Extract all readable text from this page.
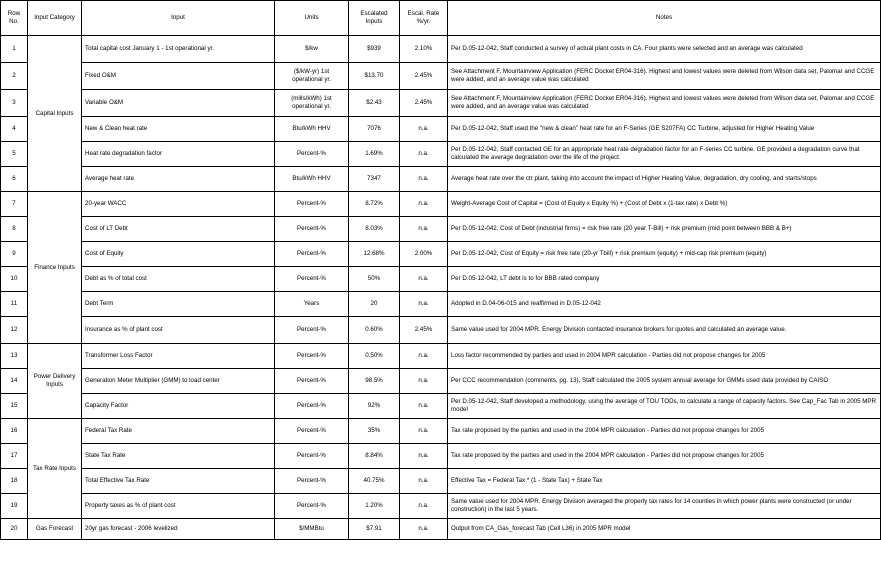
Row No.	Input Category	Input	Units	Escalated Inputs	Escal. Rate %/yr.	Notes
1	Capital Inputs	Total capital cost January 1 - 1st operational yr.	$/kw	$939	2.10%	Per D.05-12-042, Staff conducted a survey of actual plant costs in CA. Four plants were selected and an average was calculated
2		Fixed O&M	($/kW-yr) 1st operational yr.	$13.70	2.45%	See Attachment F, Mountainview Application (FERC Docket ER04-316). Highest and lowest values were deleted from Wilson data set, Palomar and CCGE were added, and an average value was calculated
3		Variable O&M	(mills/kWh) 1st operational yr.	$2.43	2.45%	See Attachment F, Mountainview Application (FERC Docket ER04-316). Highest and lowest values were deleted from Wilson data set, Palomar and CCGE were added, and an average value was calculated
4		New & Clean heat rate	Btu/kWh HHV	7076	n.a.	Per D.05-12-042, Staff used the "new & clean" heat rate for an F-Series (GE S207FA) CC Turbine, adjusted for Higher Heating Value
5		Heat rate degradation factor	Percent-%	1.69%	n.a.	Per D.05-12-042, Staff contacted GE for an appropriate heat rate degradation factor for an F-series CC turbine. GE provided a degradation curve that calculated the average degradation over the life of the project.
6		Average heat rate	Btu/kWh HHV	7347	n.a.	Average heat rate over the ctr plant, taking into account the impact of Higher Heating Value, degradation, dry cooling, and starts/stops
7	Finance Inputs	20-year WACC	Percent-%	8.72%	n.a.	Weight-Average Cost of Capital = (Cost of Equity x Equity %) + (Cost of Debt x (1-tax rate) x Debt %)
8		Cost of LT Debt	Percent-%	8.03%	n.a.	Per D.05-12-042, Cost of Debt (industrial firms) = risk free rate (20 year T-Bill) + risk premium (mid point between BBB & B+)
9		Cost of Equity	Percent-%	12.68%	2.00%	Per D.05-12-042, Cost of Equity = risk free rate (20-yr Tbill) + risk premium (equity) + mid-cap risk premium (equity)
10		Debt as % of total cost	Percent-%	50%	n.a.	Per D.05-12-042, LT debt is to for BBB rated company
11		Debt Term	Years	20	n.a.	Adopted in D.04-06-015 and reaffirmed in D.05-12-042
12		Insurance as % of plant cost	Percent-%	0.60%	2.45%	Same value used for 2004 MPR. Energy Division contacted insurance brokers for quotes and calculated an average value.
13	Power Delivery Inputs	Transformer Loss Factor	Percent-%	0.50%	n.a.	Loss factor recommended by parties and used in 2004 MPR calculation - Parties did not propose changes for 2005
14		Generation Meter Multiplier (GMM) to load center	Percent-%	98.5%	n.a.	Per CCC recommendation (comments, pg. 13), Staff calculated the 2005 system annual average for GMMs used data provided by CAISO
15		Capacity Factor	Percent-%	92%	n.a.	Per D.05-12-042, Staff developed a methodology, using the average of TOU TODs, to calculate a range of capacity factors. See Cap_Fac Tab in 2005 MPR model
16	Tax Rate Inputs	Federal Tax Rate	Percent-%	35%	n.a.	Tax rate proposed by the parties and used in the 2004 MPR calculation - Parties did not propose changes for 2005
17		State Tax Rate	Percent-%	8.84%	n.a.	Tax rate proposed by the parties and used in the 2004 MPR calculation - Parties did not propose changes for 2005
18		Total Effective Tax Rate	Percent-%	40.75%	n.a.	Effective Tax = Federal Tax * (1 - State Tax) + State Tax
19		Property taxes as % of plant cost	Percent-%	1.20%	n.a.	Same value used for 2004 MPR. Energy Division averaged the property tax rates for 14 counties in which power plants were constructed (or under construction) in the last 5 years.
20	Gas Forecast	20yr gas forecast - 2006 levelized	$/MMBtu	$7.91	n.a.	Output from CA_Gas_forecast Tab (Cell L36) in 2005 MPR model
